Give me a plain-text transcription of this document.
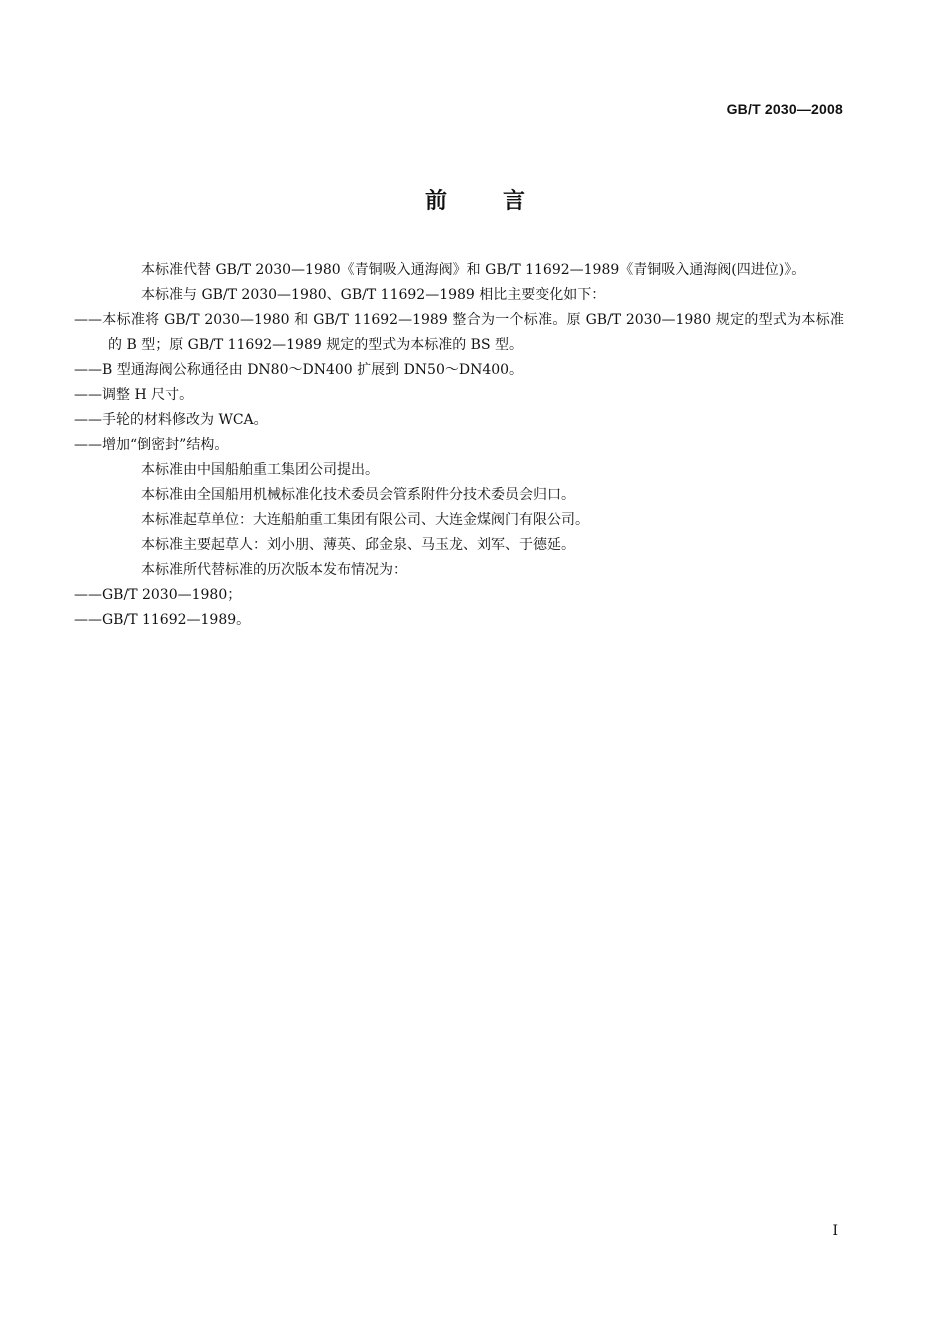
GB/T 2030—2008
前言

本标准代替 GB/T 2030—1980《青铜吸入通海阀》和 GB/T 11692—1989《青铜吸入通海阀(四进位)》。

本标准与 GB/T 2030—1980、GB/T 11692—1989 相比主要变化如下：

——本标准将 GB/T 2030—1980 和 GB/T 11692—1989 整合为一个标准。原 GB/T 2030—1980 规定的型式为本标准的 B 型；原 GB/T 11692—1989 规定的型式为本标准的 BS 型。

——B 型通海阀公称通径由 DN80～DN400 扩展到 DN50～DN400。

——调整 H 尺寸。

——手轮的材料修改为 WCA。

——增加“倒密封”结构。

本标准由中国船舶重工集团公司提出。

本标准由全国船用机械标准化技术委员会管系附件分技术委员会归口。

本标准起草单位：大连船舶重工集团有限公司、大连金煤阀门有限公司。

本标准主要起草人：刘小朋、薄英、邱金泉、马玉龙、刘军、于德延。

本标准所代替标准的历次版本发布情况为：

——GB/T 2030—1980；

——GB/T 11692—1989。

I
